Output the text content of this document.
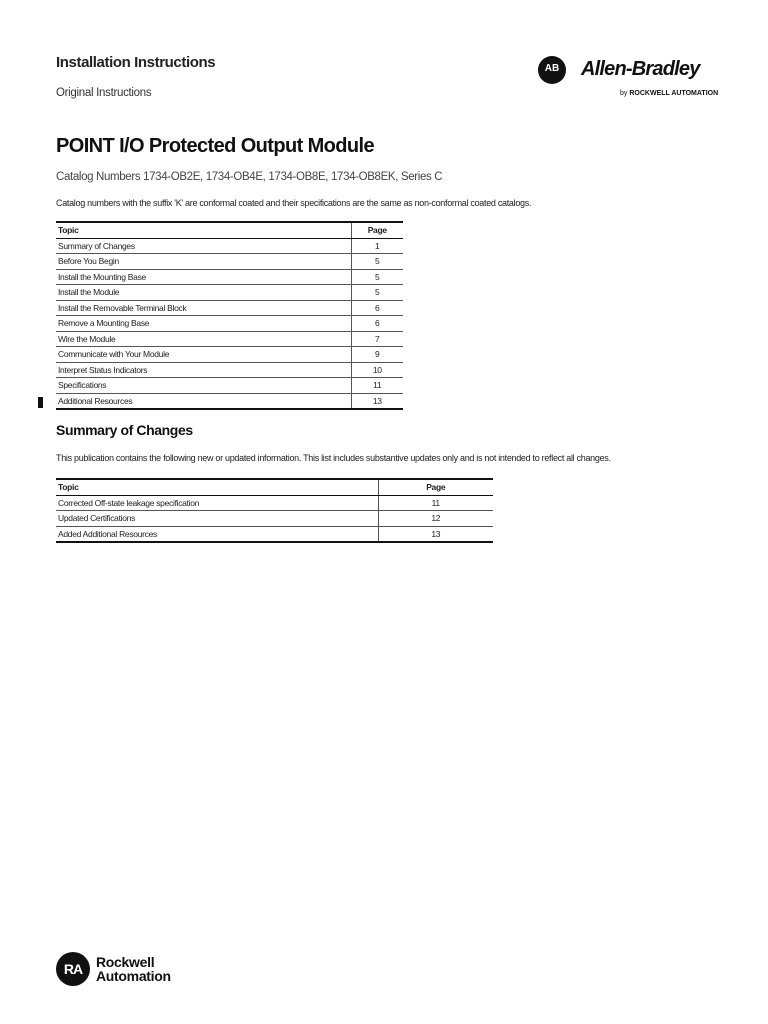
Installation Instructions
Original Instructions
AB
QUALITY
Allen-Bradley
by ROCKWELL AUTOMATION
POINT I/O Protected Output Module
Catalog Numbers 1734-OB2E, 1734-OB4E, 1734-OB8E, 1734-OB8EK, Series C
Catalog numbers with the suffix 'K' are conformal coated and their specifications are the same as non-conformal coated catalogs.
Topic	Page
Summary of Changes	1
Before You Begin	5
Install the Mounting Base	5
Install the Module	5
Install the Removable Terminal Block	6
Remove a Mounting Base	6
Wire the Module	7
Communicate with Your Module	9
Interpret Status Indicators	10
Specifications	11
Additional Resources	13
Summary of Changes
This publication contains the following new or updated information. This list includes substantive updates only and is not intended to reflect all changes.
Topic	Page
Corrected Off-state leakage specification	11
Updated Certifications	12
Added Additional Resources	13
RA Rockwell
Automation
